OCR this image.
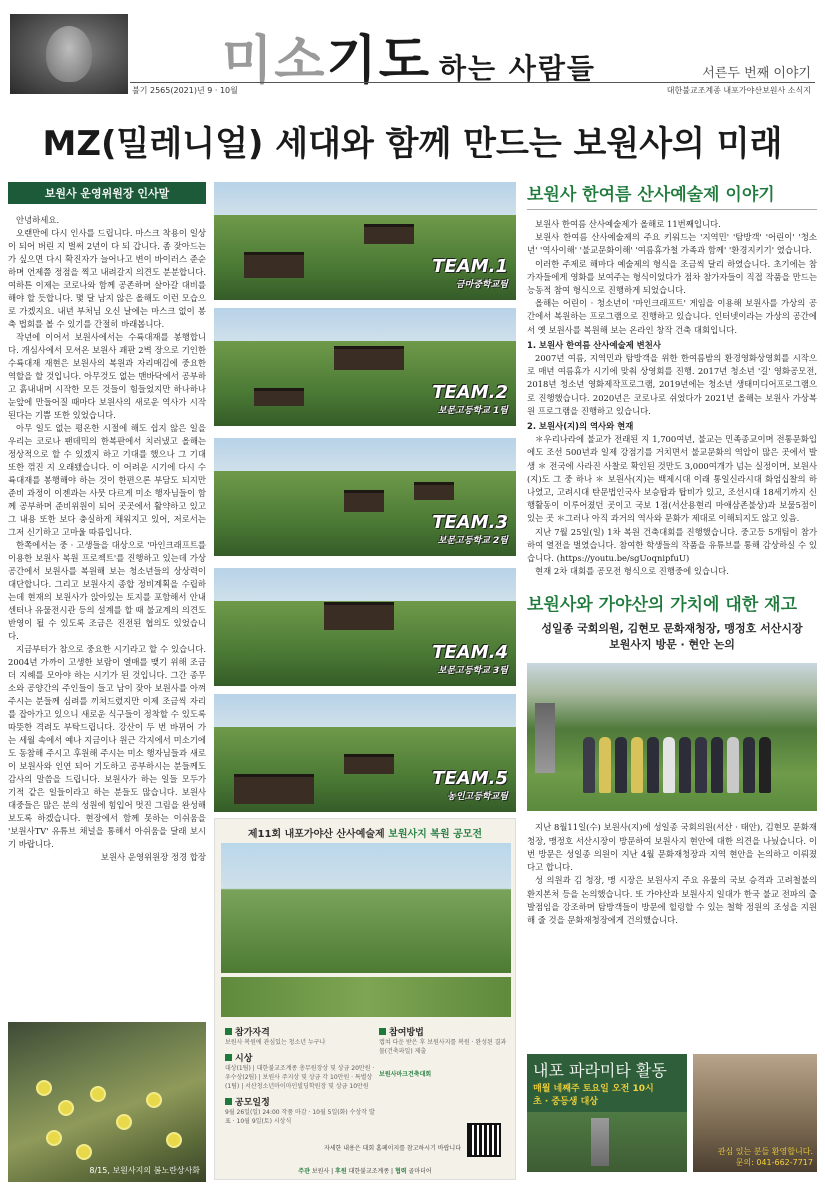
미소기도 하는 사람들	서른두 번째 이야기
불기 2565(2021)년 9 · 10월	대한불교조계종 내포가야산보원사 소식지
MZ(밀레니얼) 세대와 함께 만드는 보원사의 미래
보원사 운영위원장 인사말

안녕하세요.

오랜만에 다시 인사를 드립니다. 마스크 착용이 일상이 되어 버린 지 벌써 2년이 다 되 갑니다. 좀 잦아드는가 싶으면 다시 확진자가 늘어나고 변이 바이러스 준순하며 언제쯤 정점을 찍고 내려갈지 의견도 분분합니다. 여하튼 이제는 코로나와 함께 공존하며 살아갈 대비를 해야 할 듯합니다. 몇 달 남지 않은 올해도 이런 모습으로 가겠지요. 내년 부처님 오신 날에는 마스크 없이 봉축 법회를 볼 수 있기를 간절히 바래봅니다.

작년에 이어서 보원사에서는 수륙대재를 봉행합니다. 개심사에서 모셔온 보원사 괘판 2벽 장으로 기인한 수륙대재 재현은 보원사의 복원과 자리매김에 중요한 역할을 할 것입니다. 아무것도 없는 맨바닥에서 공부하고 흙내내며 시작한 모든 것들이 힘들었지만 하나하나 눈앞에 만들어질 때마다 보원사의 새로운 역사가 시작된다는 기쁨 또한 있었습니다.

아무 일도 없는 평온한 시절에 해도 쉽지 않은 일을 우리는 코로나 팬데믹의 한복판에서 치러냈고 올해는 정상적으로 할 수 있겠지 하고 기대를 했으나 그 기대 또한 꺾진 지 오래됐습니다. 이 어려운 시기에 다시 수륙대재를 봉행해야 하는 것이 한편으론 부담도 되지만 준비 과정이 이젠과는 사뭇 다르게 미소 행자님들이 함께 공부하며 준비위원이 되어 곳곳에서 활약하고 있고 그 내용 또한 보다 충실하게 채워지고 있어, 저로서는 그저 신기하고 고마울 따름입니다.

한쪽에서는 중 · 고생들을 대상으로 '마인크래프트를 이용한 보원사 복원 프로젝트'를 진행하고 있는데 가상공간에서 보원사를 복원해 보는 청소년들의 상상력이 대단합니다. 그리고 보원사지 종합 정비계획을 수립하는데 현재의 보원사가 앉아있는 토지를 포함해서 안내센터나 유물전시관 등의 설계를 할 때 불교계의 의견도 반영이 될 수 있도록 조금은 진전된 협의도 있었습니다.

지금부터가 참으로 중요한 시기라고 할 수 있습니다. 2004년 가까이 고생한 보람이 열매를 맺기 위해 조금 더 지혜를 모아야 하는 시기가 된 것입니다. 그간 종무소와 공양간의 주인들이 들고 남이 잦아 보원사를 아껴 주시는 분들께 심려를 끼쳐드렸지만 이제 조금씩 자리를 잡아가고 있으니 새로운 식구들이 정착할 수 있도록 따뜻한 격려도 부탁드립니다. 강산이 두 번 바뀌어 가는 세월 속에서 예나 지금이나 원근 각지에서 미소기에도 동참해 주시고 후원해 주시는 미소 행자님들과 새로이 보원사와 인연 되어 기도하고 공부하시는 분들께도 감사의 말씀을 드립니다. 보원사가 하는 일들 모두가 기적 같은 일들이라고 하는 분들도 많습니다. 보원사 대중들은 많은 분의 성원에 힘입어 멋진 그림을 완성해보도록 하겠습니다. 현장에서 함께 못하는 이쉬움을 '보원사TV' 유튜브 채널을 통해서 아쉬움을 달래 보시기 바랍니다.

보원사 운영위원장 정경 합장

8/15, 보원사지의 봄노란상사화
TEAM.1
금마중학교팀
TEAM.2
보문고등학교 1팀
TEAM.3
보문고등학교 2팀
TEAM.4
보문고등학교 3팀
TEAM.5
농인고등학교팀
제11회 내포가야산 산사예술제 보원사지 복원 공모전
참가자격
보원사 복원에 관심있는 청소년 누구나
시상
대상(1팀) | 대한불교조계종 총무원장상 및 상금 20만원 · 우수상(2팀) | 보원사 주지상 및 상금 각 10만원 · 특별상(1팀) | 서산청소년마이마인빌딩학원장 및 상금 10만원
공모일정
9월 26일(일) 24:00 작품 마감 · 10월 5일(화) 수상작 발표 · 10월 9일(토) 시상식
참여방법
캡쳐 다운 받은 후 보원사지를 복원 · 완성된 결과물(건축파일) 제출
보원사마크건축대회
자세한 내용은 대회 홈페이지를 참고하시기 바랍니다
주관 보원사 | 후원 대한불교조계종 | 협력 골마더어
보원사 한여름 산사예술제 이야기

보원사 한여름 산사예술제가 올해로 11번째입니다.

보원사 한여름 산사예술제의 주요 키워드는 '지역민' '탐방객' '어린이' '청소년' '역사이해' '불교문화이해' '여름휴가철 가족과 함께' '환경지키기' 였습니다.

이러한 주제로 해마다 예술제의 형식을 조금씩 달리 하였습니다. 초기에는 참가자들에게 영화를 보여주는 형식이었다가 점차 참가자들이 직접 작품을 만드는 능동적 참여 형식으로 진행하게 되었습니다.

올해는 어린이 · 청소년이 '마인크래프트' 게임을 이용해 보원사를 가상의 공간에서 복원하는 프로그램으로 진행하고 있습니다. 인터넷이라는 가상의 공간에서 옛 보원사를 복원해 보는 온라인 창작 건축 대회입니다.

1. 보원사 한여름 산사예술제 변천사

2007년 여름, 지역민과 탐방객을 위한 한여름밤의 환경영화상영회를 시작으로 매년 여름휴가 시기에 맞춰 상영회를 진행. 2017년 청소년 '길' 영화공모전, 2018년 청소년 영화제작프로그램, 2019년에는 청소년 생태미디어프로그램으로 진행했습니다. 2020년은 코로나로 쉬었다가 2021년 올해는 보원사 가상복원 프로그램을 진행하고 있습니다.

2. 보원사(지)의 역사와 현재

＊우리나라에 불교가 전래된 지 1,700여년, 불교는 민족종교이며 전통문화입에도 조선 500년과 일제 강점기를 거치면서 불교문화의 역압이 많은 곳에서 발생 ＊ 전국에 사라진 사찰로 확인된 것만도 3,000여개가 넘는 실정이며, 보원사(지)도 그 중 하나 ＊ 보원사(지)는 백제시대 이래 통일신라시대 화엄십찰의 하나였고, 고려시대 탄문법인국사 보승탑과 탑비가 있고, 조선시대 18세기까지 신행활동이 이루어졌던 곳이고 국보 1점(서산용현리 마애삼존불상)과 보물5점이 있는 곳 ＊그러나 아직 과거의 역사와 문화가 제대로 이해되지도 않고 있음.

지난 7월 25일(일) 1차 복원 건축대회를 진행했습니다. 중고등 5개팀이 참가하여 열전을 벌였습니다. 참여한 학생들의 작품을 유튜브를 통해 감상하실 수 있습니다. (https://youtu.be/sgUoqnipfuU)

현재 2차 대회를 공모전 형식으로 진행중에 있습니다.

보원사와 가야산의 가치에 대한 재고
성일종 국회의원, 김현모 문화재청장, 맹정호 서산시장
보원사지 방문 · 현안 논의

지난 8월11일(수) 보원사(지)에 성일종 국회의원(서산 · 태안), 김현모 문화재청장, 맹정호 서산시장이 방문하여 보원사지 현안에 대한 의견을 나눴습니다. 이번 방문은 성일종 의원이 지난 4월 문화재청장과 지역 현안을 논의하고 이뤄졌다고 합니다.

성 의원과 김 청장, 맹 시장은 보원사지 주요 유물의 국보 승격과 고려철불의 환지본처 등을 논의했습니다. 또 가야산과 보원사지 일대가 한국 불교 전파의 출발점임을 강조하며 탐방객들이 방문에 힐링할 수 있는 철학 정원의 조성을 지원해 줄 것을 문화재청장에게 건의했습니다.

내포 파라미타 활동
매월 네째주 토요일 오전 10시
초 · 중등생 대상
관심 있는 분들 환영합니다.
문의: 041-662-7717
